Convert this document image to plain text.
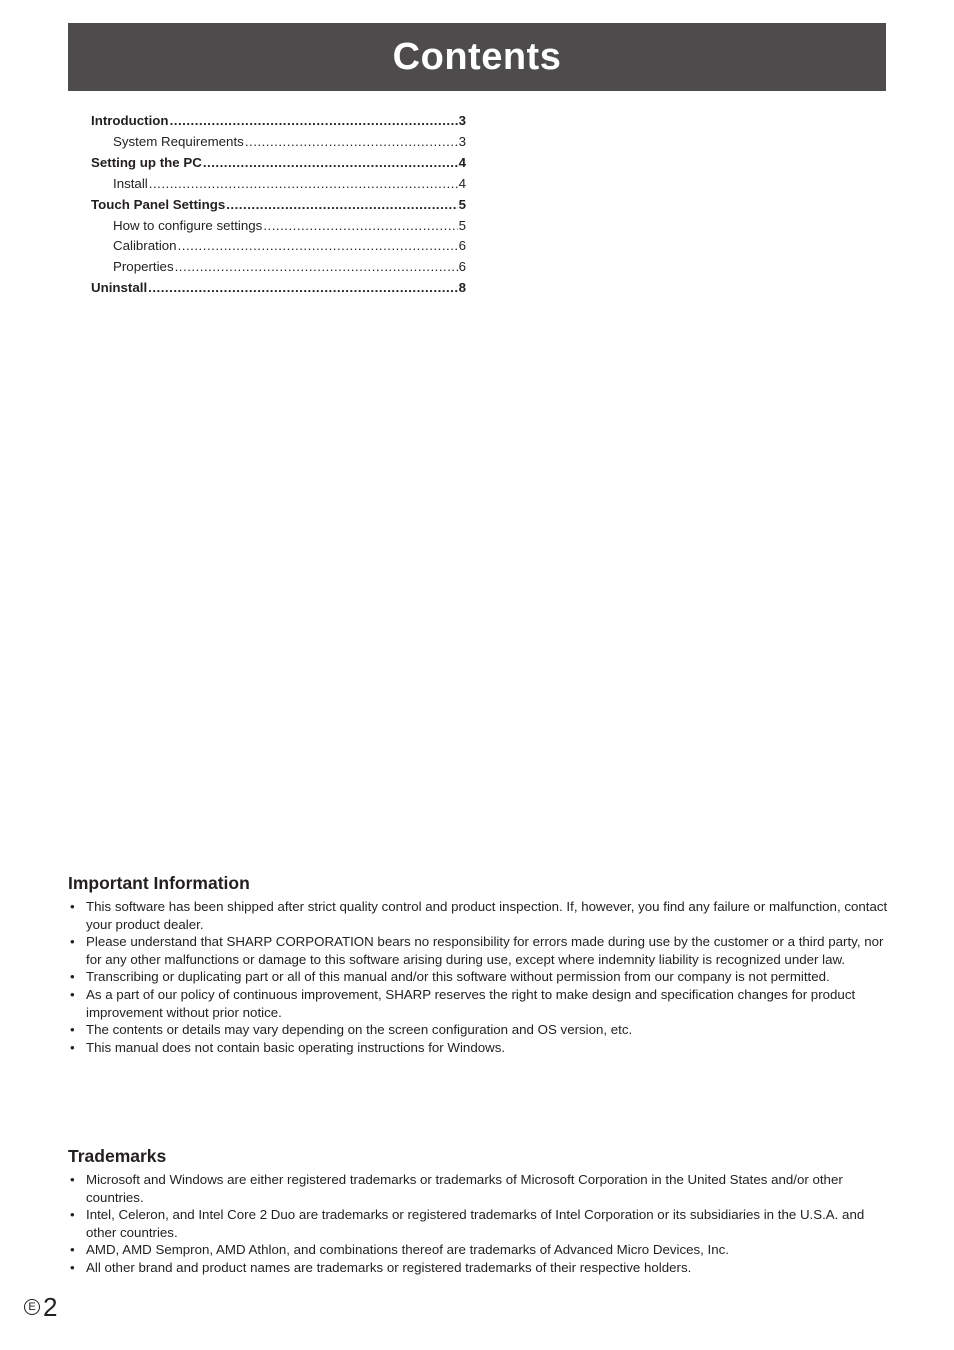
Contents
Introduction .....	3
System Requirements .....	3
Setting up the PC .....	4
Install .....	4
Touch Panel Settings .....	5
How to configure settings .....	5
Calibration .....	6
Properties .....	6
Uninstall .....	8
Important Information
• This software has been shipped after strict quality control and product inspection. If, however, you find any failure or malfunction, contact your product dealer.
• Please understand that SHARP CORPORATION bears no responsibility for errors made during use by the customer or a third party, nor for any other malfunctions or damage to this software arising during use, except where indemnity liability is recognized under law.
• Transcribing or duplicating part or all of this manual and/or this software without permission from our company is not permitted.
• As a part of our policy of continuous improvement, SHARP reserves the right to make design and specification changes for product improvement without prior notice.
• The contents or details may vary depending on the screen configuration and OS version, etc.
• This manual does not contain basic operating instructions for Windows.
Trademarks
• Microsoft and Windows are either registered trademarks or trademarks of Microsoft Corporation in the United States and/or other countries.
• Intel, Celeron, and Intel Core 2 Duo are trademarks or registered trademarks of Intel Corporation or its subsidiaries in the U.S.A. and other countries.
• AMD, AMD Sempron, AMD Athlon, and combinations thereof are trademarks of Advanced Micro Devices, Inc.
• All other brand and product names are trademarks or registered trademarks of their respective holders.
E 2
